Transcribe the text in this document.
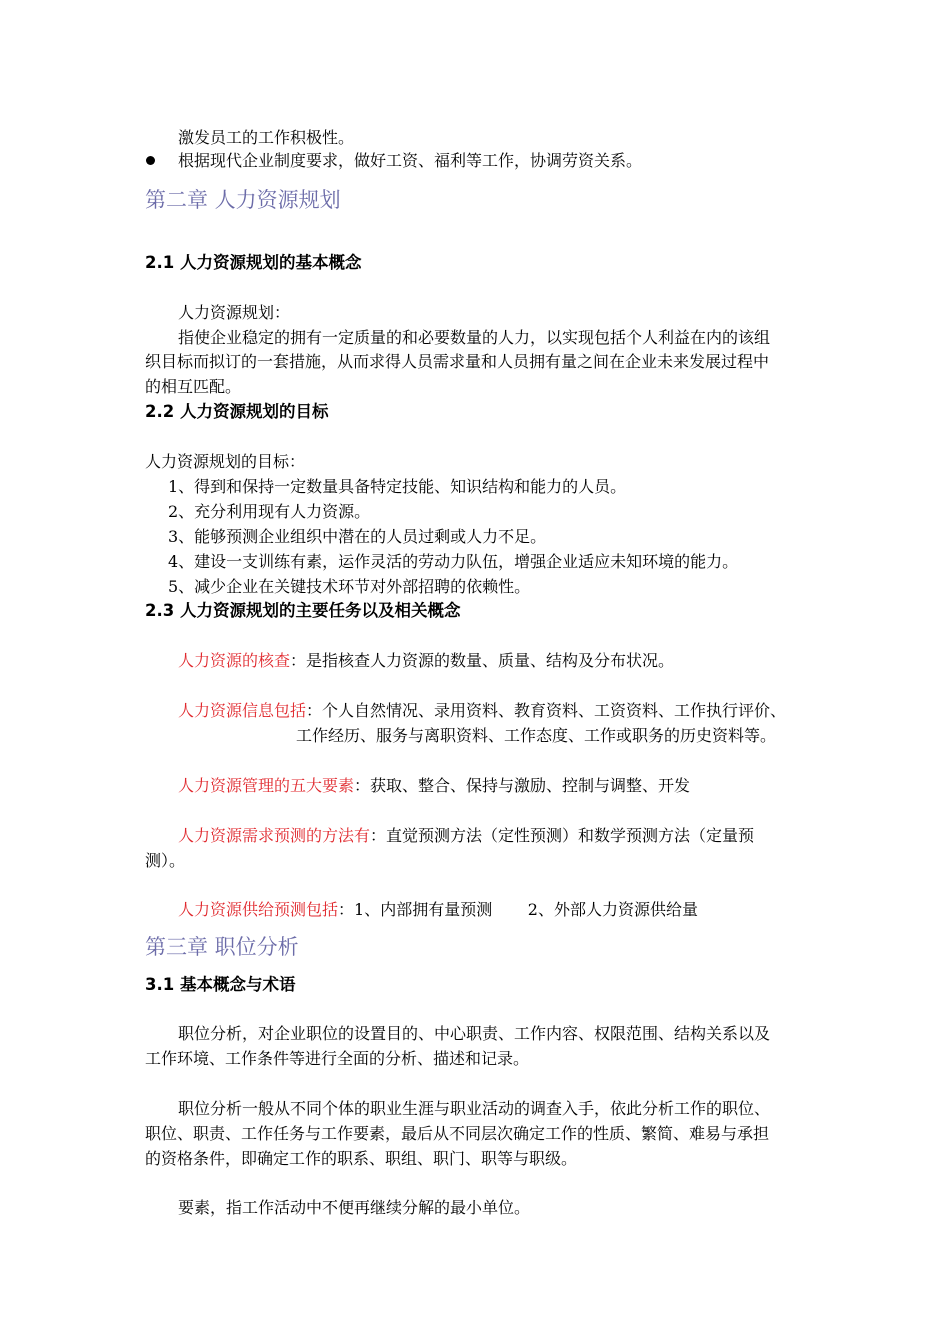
激发员工的工作积极性。
根据现代企业制度要求，做好工资、福利等工作，协调劳资关系。
第二章 人力资源规划
2.1 人力资源规划的基本概念
人力资源规划：
指使企业稳定的拥有一定质量的和必要数量的人力，以实现包括个人利益在内的该组
织目标而拟订的一套措施，从而求得人员需求量和人员拥有量之间在企业未来发展过程中
的相互匹配。
2.2 人力资源规划的目标
人力资源规划的目标：
1、得到和保持一定数量具备特定技能、知识结构和能力的人员。
2、充分利用现有人力资源。
3、能够预测企业组织中潜在的人员过剩或人力不足。
4、建设一支训练有素，运作灵活的劳动力队伍，增强企业适应未知环境的能力。
5、减少企业在关键技术环节对外部招聘的依赖性。
2.3 人力资源规划的主要任务以及相关概念
人力资源的核查：是指核查人力资源的数量、质量、结构及分布状况。
人力资源信息包括：个人自然情况、录用资料、教育资料、工资资料、工作执行评价、
工作经历、服务与离职资料、工作态度、工作或职务的历史资料等。
人力资源管理的五大要素：获取、整合、保持与激励、控制与调整、开发
人力资源需求预测的方法有：直觉预测方法（定性预测）和数学预测方法（定量预
测）。
人力资源供给预测包括：1、内部拥有量预测       2、外部人力资源供给量
第三章 职位分析
3.1 基本概念与术语
职位分析，对企业职位的设置目的、中心职责、工作内容、权限范围、结构关系以及
工作环境、工作条件等进行全面的分析、描述和记录。
职位分析一般从不同个体的职业生涯与职业活动的调查入手，依此分析工作的职位、
职位、职责、工作任务与工作要素，最后从不同层次确定工作的性质、繁简、难易与承担
的资格条件，即确定工作的职系、职组、职门、职等与职级。
要素，指工作活动中不便再继续分解的最小单位。
